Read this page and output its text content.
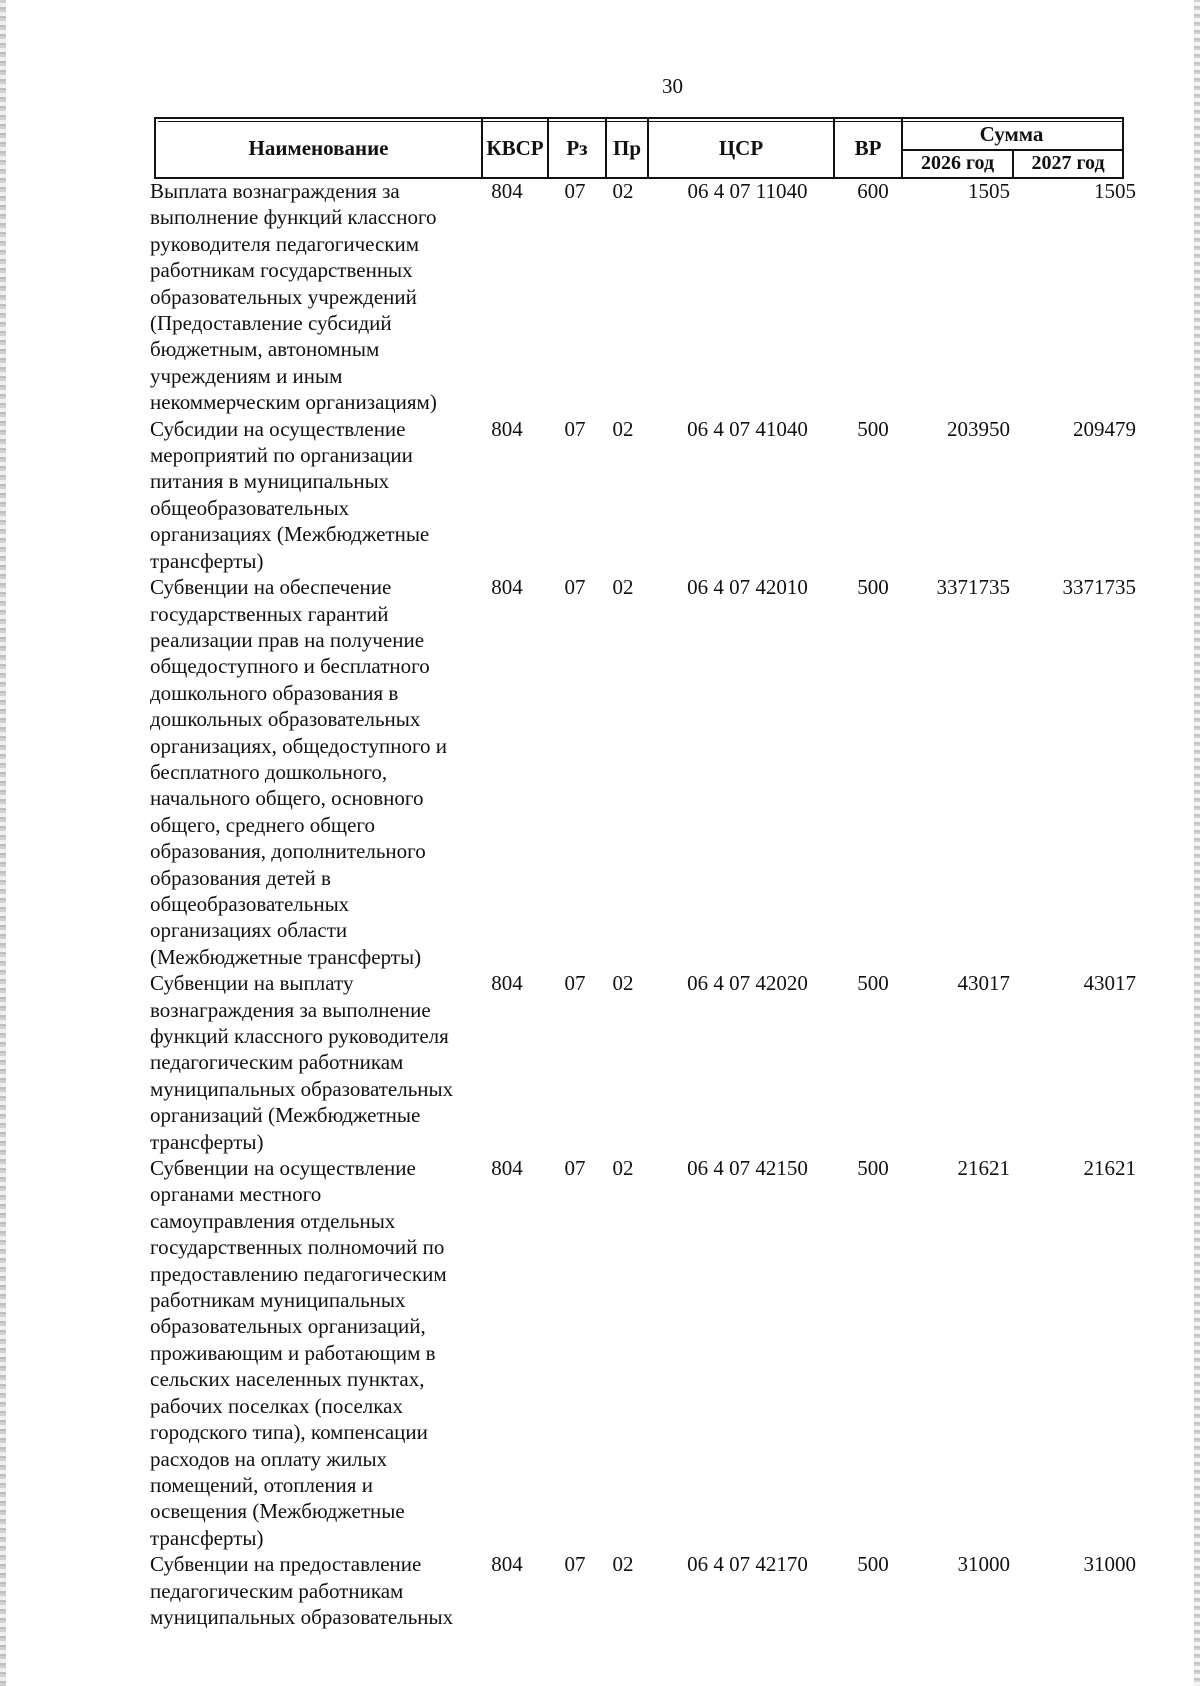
30
Наименование	КВСР	Рз	Пр	ЦСР	ВР
Сумма
2026 год	2027 год
Выплата вознаграждения за
выполнение функций классного
руководителя педагогическим
работникам государственных
образовательных учреждений
(Предоставление субсидий
бюджетным, автономным
учреждениям и иным
некоммерческим организациям)
804	07	02	06 4 07 11040	600	1505	1505
Субсидии на осуществление
мероприятий по организации
питания в муниципальных
общеобразовательных
организациях (Межбюджетные
трансферты)
804	07	02	06 4 07 41040	500	203950	209479
Субвенции на обеспечение
государственных гарантий
реализации прав на получение
общедоступного и бесплатного
дошкольного образования в
дошкольных образовательных
организациях, общедоступного и
бесплатного дошкольного,
начального общего, основного
общего, среднего общего
образования, дополнительного
образования детей в
общеобразовательных
организациях области
(Межбюджетные трансферты)
804	07	02	06 4 07 42010	500	3371735	3371735
Субвенции на выплату
вознаграждения за выполнение
функций классного руководителя
педагогическим работникам
муниципальных образовательных
организаций (Межбюджетные
трансферты)
804	07	02	06 4 07 42020	500	43017	43017
Субвенции на осуществление
органами местного
самоуправления отдельных
государственных полномочий по
предоставлению педагогическим
работникам муниципальных
образовательных организаций,
проживающим и работающим в
сельских населенных пунктах,
рабочих поселках (поселках
городского типа), компенсации
расходов на оплату жилых
помещений, отопления и
освещения (Межбюджетные
трансферты)
804	07	02	06 4 07 42150	500	21621	21621
Субвенции на предоставление
педагогическим работникам
муниципальных образовательных
804	07	02	06 4 07 42170	500	31000	31000
